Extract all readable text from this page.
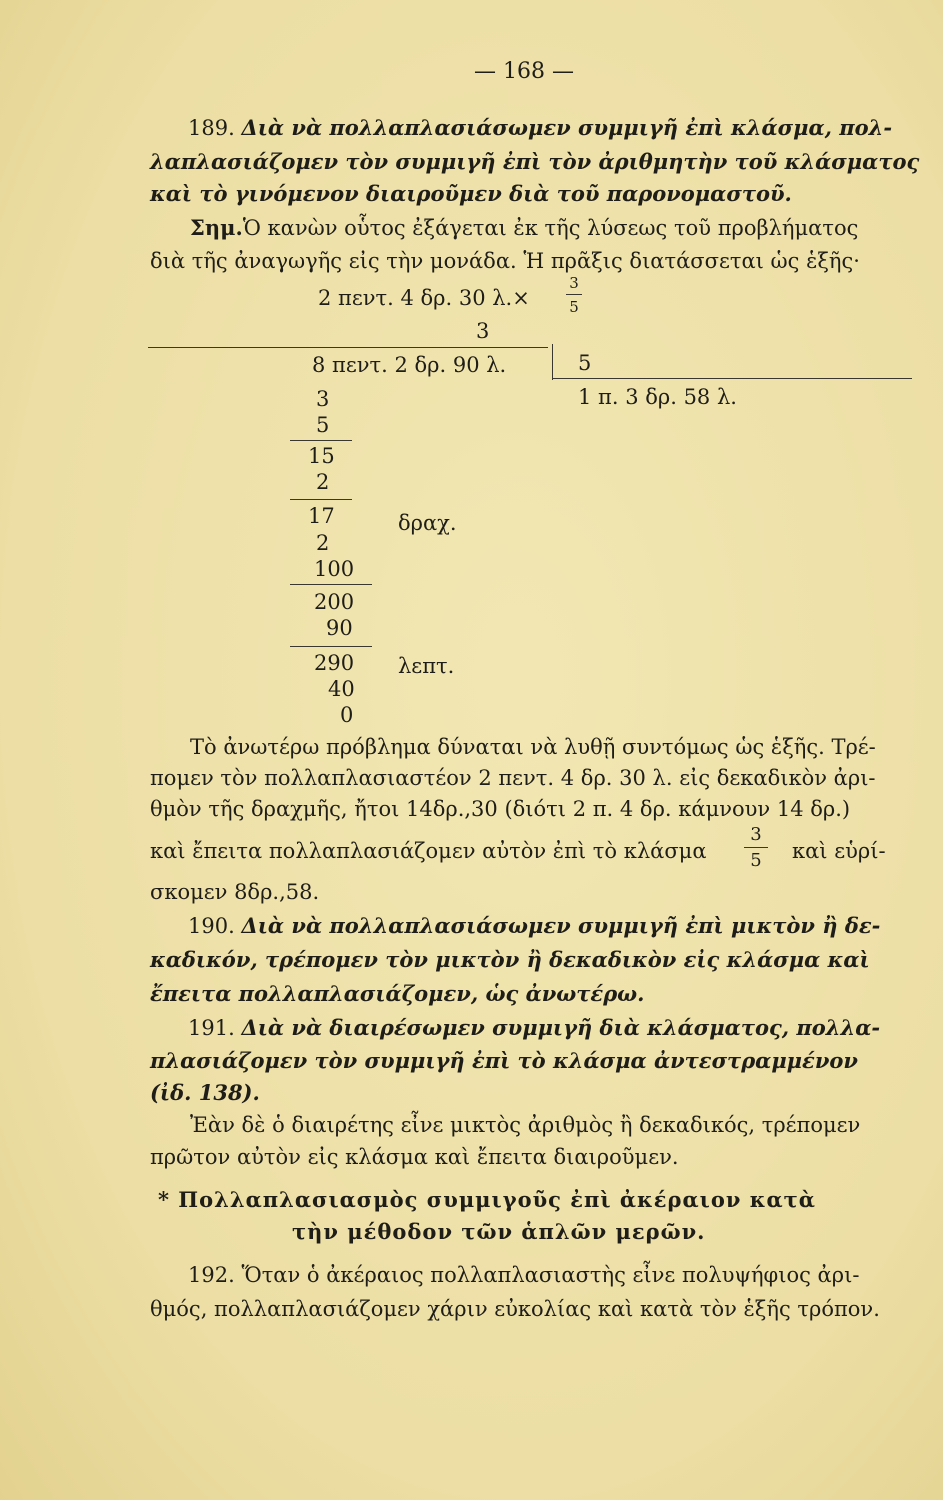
— 168 —
189. Διὰ νὰ πολλαπλασιάσωμεν συμμιγῆ ἐπὶ κλάσμα, πολ-
λαπλασιάζομεν τὸν συμμιγῆ ἐπὶ τὸν ἀριθμητὴν τοῦ κλάσματος
καὶ τὸ γινόμενον διαιροῦμεν διὰ τοῦ παρονομαστοῦ.
Σημ.Ὁ κανὼν οὗτος ἐξάγεται ἐκ τῆς λύσεως τοῦ προβλήματος
διὰ τῆς ἀναγωγῆς εἰς τὴν μονάδα. Ἡ πρᾶξις διατάσσεται ὡς ἑξῆς·
2 πεντ. 4 δρ. 30 λ.×
3
5
3
8 πεντ. 2 δρ. 90 λ.	5
1 π. 3 δρ. 58 λ.
3
5
15
2
17	δραχ.
2
100
200
90
290 λεπτ.
40
0
Τὸ ἀνωτέρω πρόβλημα δύναται νὰ λυθῇ συντόμως ὡς ἑξῆς. Τρέ-
πομεν τὸν πολλαπλασιαστέον 2 πεντ. 4 δρ. 30 λ. εἰς δεκαδικὸν ἀρι-
θμὸν τῆς δραχμῆς, ἤτοι 14δρ.,30 (διότι 2 π. 4 δρ. κάμνουν 14 δρ.)
καὶ ἔπειτα πολλαπλασιάζομεν αὐτὸν ἐπὶ τὸ κλάσμα
3
5 καὶ εὑρί-
σκομεν 8δρ.,58.
190. Διὰ νὰ πολλαπλασιάσωμεν συμμιγῆ ἐπὶ μικτὸν ἢ δε-
καδικόν, τρέπομεν τὸν μικτὸν ἢ δεκαδικὸν εἰς κλάσμα καὶ
ἔπειτα πολλαπλασιάζομεν, ὡς ἀνωτέρω.
191. Διὰ νὰ διαιρέσωμεν συμμιγῆ διὰ κλάσματος, πολλα-
πλασιάζομεν τὸν συμμιγῆ ἐπὶ τὸ κλάσμα ἀντεστραμμένον
(ἰδ. 138).
Ἐὰν δὲ ὁ διαιρέτης εἶνε μικτὸς ἀριθμὸς ἢ δεκαδικός, τρέπομεν
πρῶτον αὐτὸν εἰς κλάσμα καὶ ἔπειτα διαιροῦμεν.
* Πολλαπλασιασμὸς συμμιγοῦς ἐπὶ ἀκέραιον κατὰ
τὴν μέθοδον τῶν ἁπλῶν μερῶν.
192. Ὅταν ὁ ἀκέραιος πολλαπλασιαστὴς εἶνε πολυψήφιος ἀρι-
θμός, πολλαπλασιάζομεν χάριν εὐκολίας καὶ κατὰ τὸν ἑξῆς τρόπον.
